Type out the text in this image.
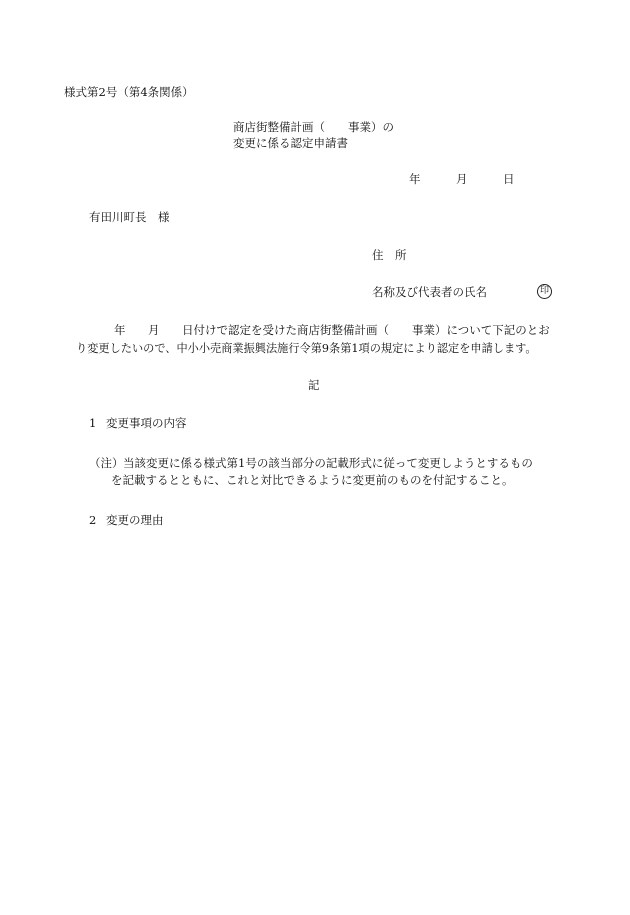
様式第2号（第4条関係）
商店街整備計画（　　事業）の
変更に係る認定申請書
年	月	日
有田川町長　様
住　所
名称及び代表者の氏名	印
年 月 日付けで認定を受けた商店街整備計画（　　事業）について下記のとお
り変更したいので、中小小売商業振興法施行令第9条第1項の規定により認定を申請します。
記
1 変更事項の内容
（注） 当該変更に係る様式第1号の該当部分の記載形式に従って変更しようとするもの
を記載するとともに、これと対比できるように変更前のものを付記すること。
2 変更の理由
